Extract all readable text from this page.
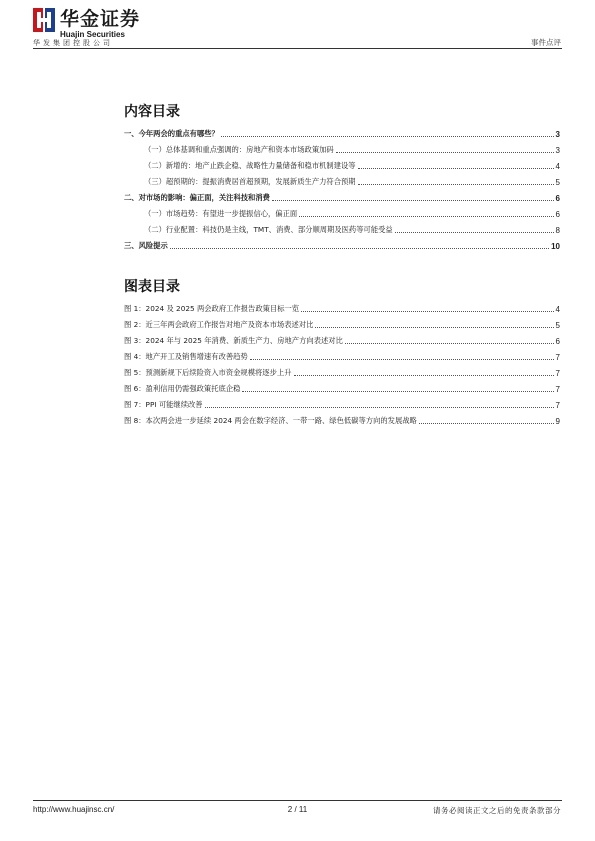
华金证券
Huajin Securities
华发集团控股公司	事件点评
内容目录
一、今年两会的重点有哪些？	3
（一）总体基调和重点强调的：房地产和资本市场政策加码	3
（二）新增的：地产止跌企稳、战略性力量储备和稳市机制建设等	4
（三）超预期的：提振消费居首超预期，发展新质生产力符合预期	5
二、对市场的影响：偏正面，关注科技和消费	6
（一）市场趋势：有望进一步提振信心，偏正面	6
（二）行业配置：科技仍是主线，TMT、消费、部分顺周期及医药等可能受益	8
三、风险提示	10
图表目录
图 1：2024 及 2025 两会政府工作报告政策目标一览	4
图 2：近三年两会政府工作报告对地产及资本市场表述对比	5
图 3：2024 年与 2025 年消费、新质生产力、房地产方向表述对比	6
图 4：地产开工及销售增速有改善趋势	7
图 5：预测新规下后续险资入市资金规模将逐步上升	7
图 6：盈利信用仍需强政策托底企稳	7
图 7：PPI 可能继续改善	7
图 8：本次两会进一步延续 2024 两会在数字经济、一带一路、绿色低碳等方向的发展战略	9
http://www.huajinsc.cn/	2 / 11	请务必阅读正文之后的免责条款部分
